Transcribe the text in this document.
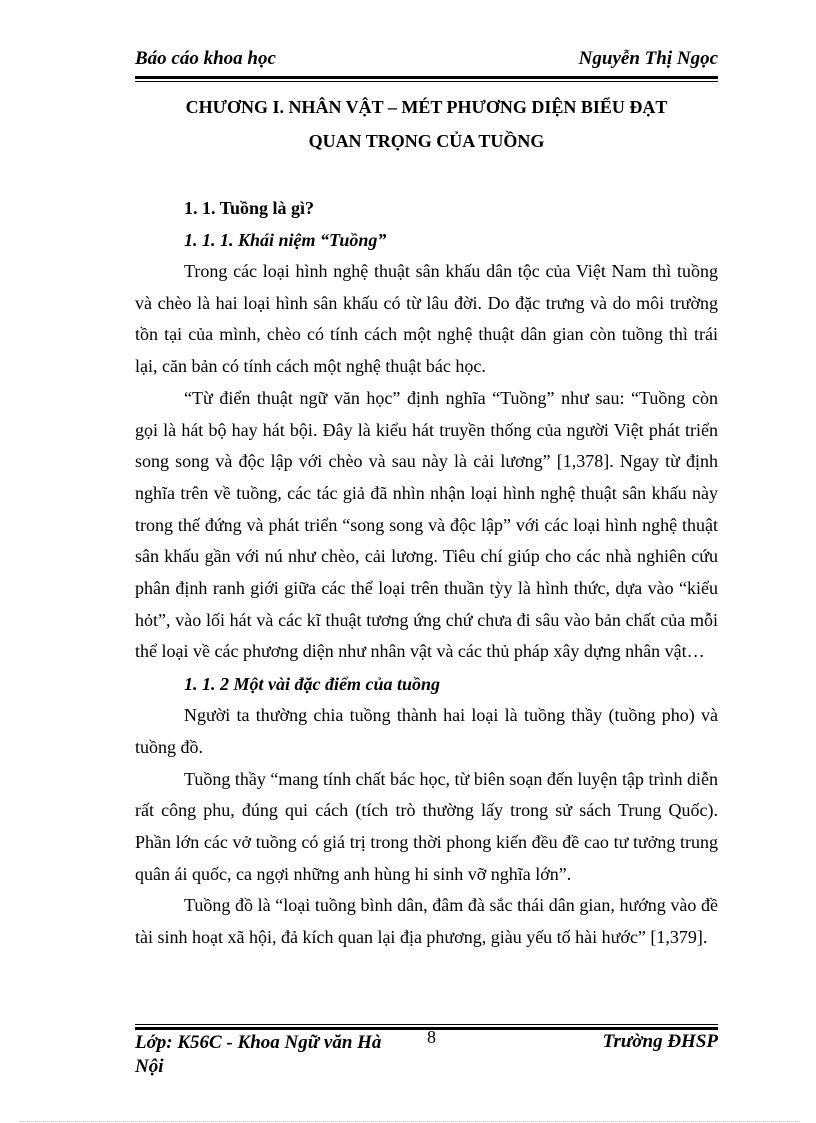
Báo cáo khoa học	Nguyễn Thị Ngọc
CHƯƠNG I. NHÂN VẬT – MÉT PHƯƠNG DIỆN BIỂU ĐẠT
QUAN TRỌNG CỦA TUỒNG

1. 1. Tuồng là gì?

1. 1. 1. Khái niệm “Tuồng”

Trong các loại hình nghệ thuật sân khấu dân tộc của Việt Nam thì tuồng và chèo là hai loại hình sân khấu có từ lâu đời. Do đặc trưng và do môi trường tồn tại của mình, chèo có tính cách một nghệ thuật dân gian còn tuồng thì trái lại, căn bản có tính cách một nghệ thuật bác học.

“Từ điển thuật ngữ văn học” định nghĩa “Tuồng” như sau: “Tuồng còn gọi là hát bộ hay hát bội. Đây là kiểu hát truyền thống của người Việt phát triển song song và độc lập với chèo và sau này là cải lương” [1,378]. Ngay từ định nghĩa trên về tuồng, các tác giả đã nhìn nhận loại hình nghệ thuật sân khấu này trong thế đứng và phát triển “song song và độc lập” với các loại hình nghệ thuật sân khấu gần với nú như chèo, cải lương. Tiêu chí giúp cho các nhà nghiên cứu phân định ranh giới giữa các thể loại trên thuần tỳy là hình thức, dựa vào “kiểu hỏt”, vào lối hát và các kĩ thuật tương ứng chứ chưa đi sâu vào bản chất của mỗi thể loại về các phương diện như nhân vật và các thủ pháp xây dựng nhân vật…

1. 1. 2 Một vài đặc điểm của tuồng

Người ta thường chia tuồng thành hai loại là tuồng thầy (tuồng pho) và tuồng đồ.

Tuồng thầy “mang tính chất bác học, từ biên soạn đến luyện tập trình diễn rất công phu, đúng qui cách (tích trò thường lấy trong sử sách Trung Quốc). Phần lớn các vở tuồng có giá trị trong thời phong kiến đều đề cao tư tưởng trung quân ái quốc, ca ngợi những anh hùng hi sinh vỡ nghĩa lớn”.

Tuồng đồ là “loại tuồng bình dân, đâm đà sắc thái dân gian, hướng vào đề tài sinh hoạt xã hội, đả kích quan lại địa phương, giàu yếu tố hài hước” [1,379].

Lớp: K56C - Khoa Ngữ văn Hà Nội
8	Trường ĐHSP
